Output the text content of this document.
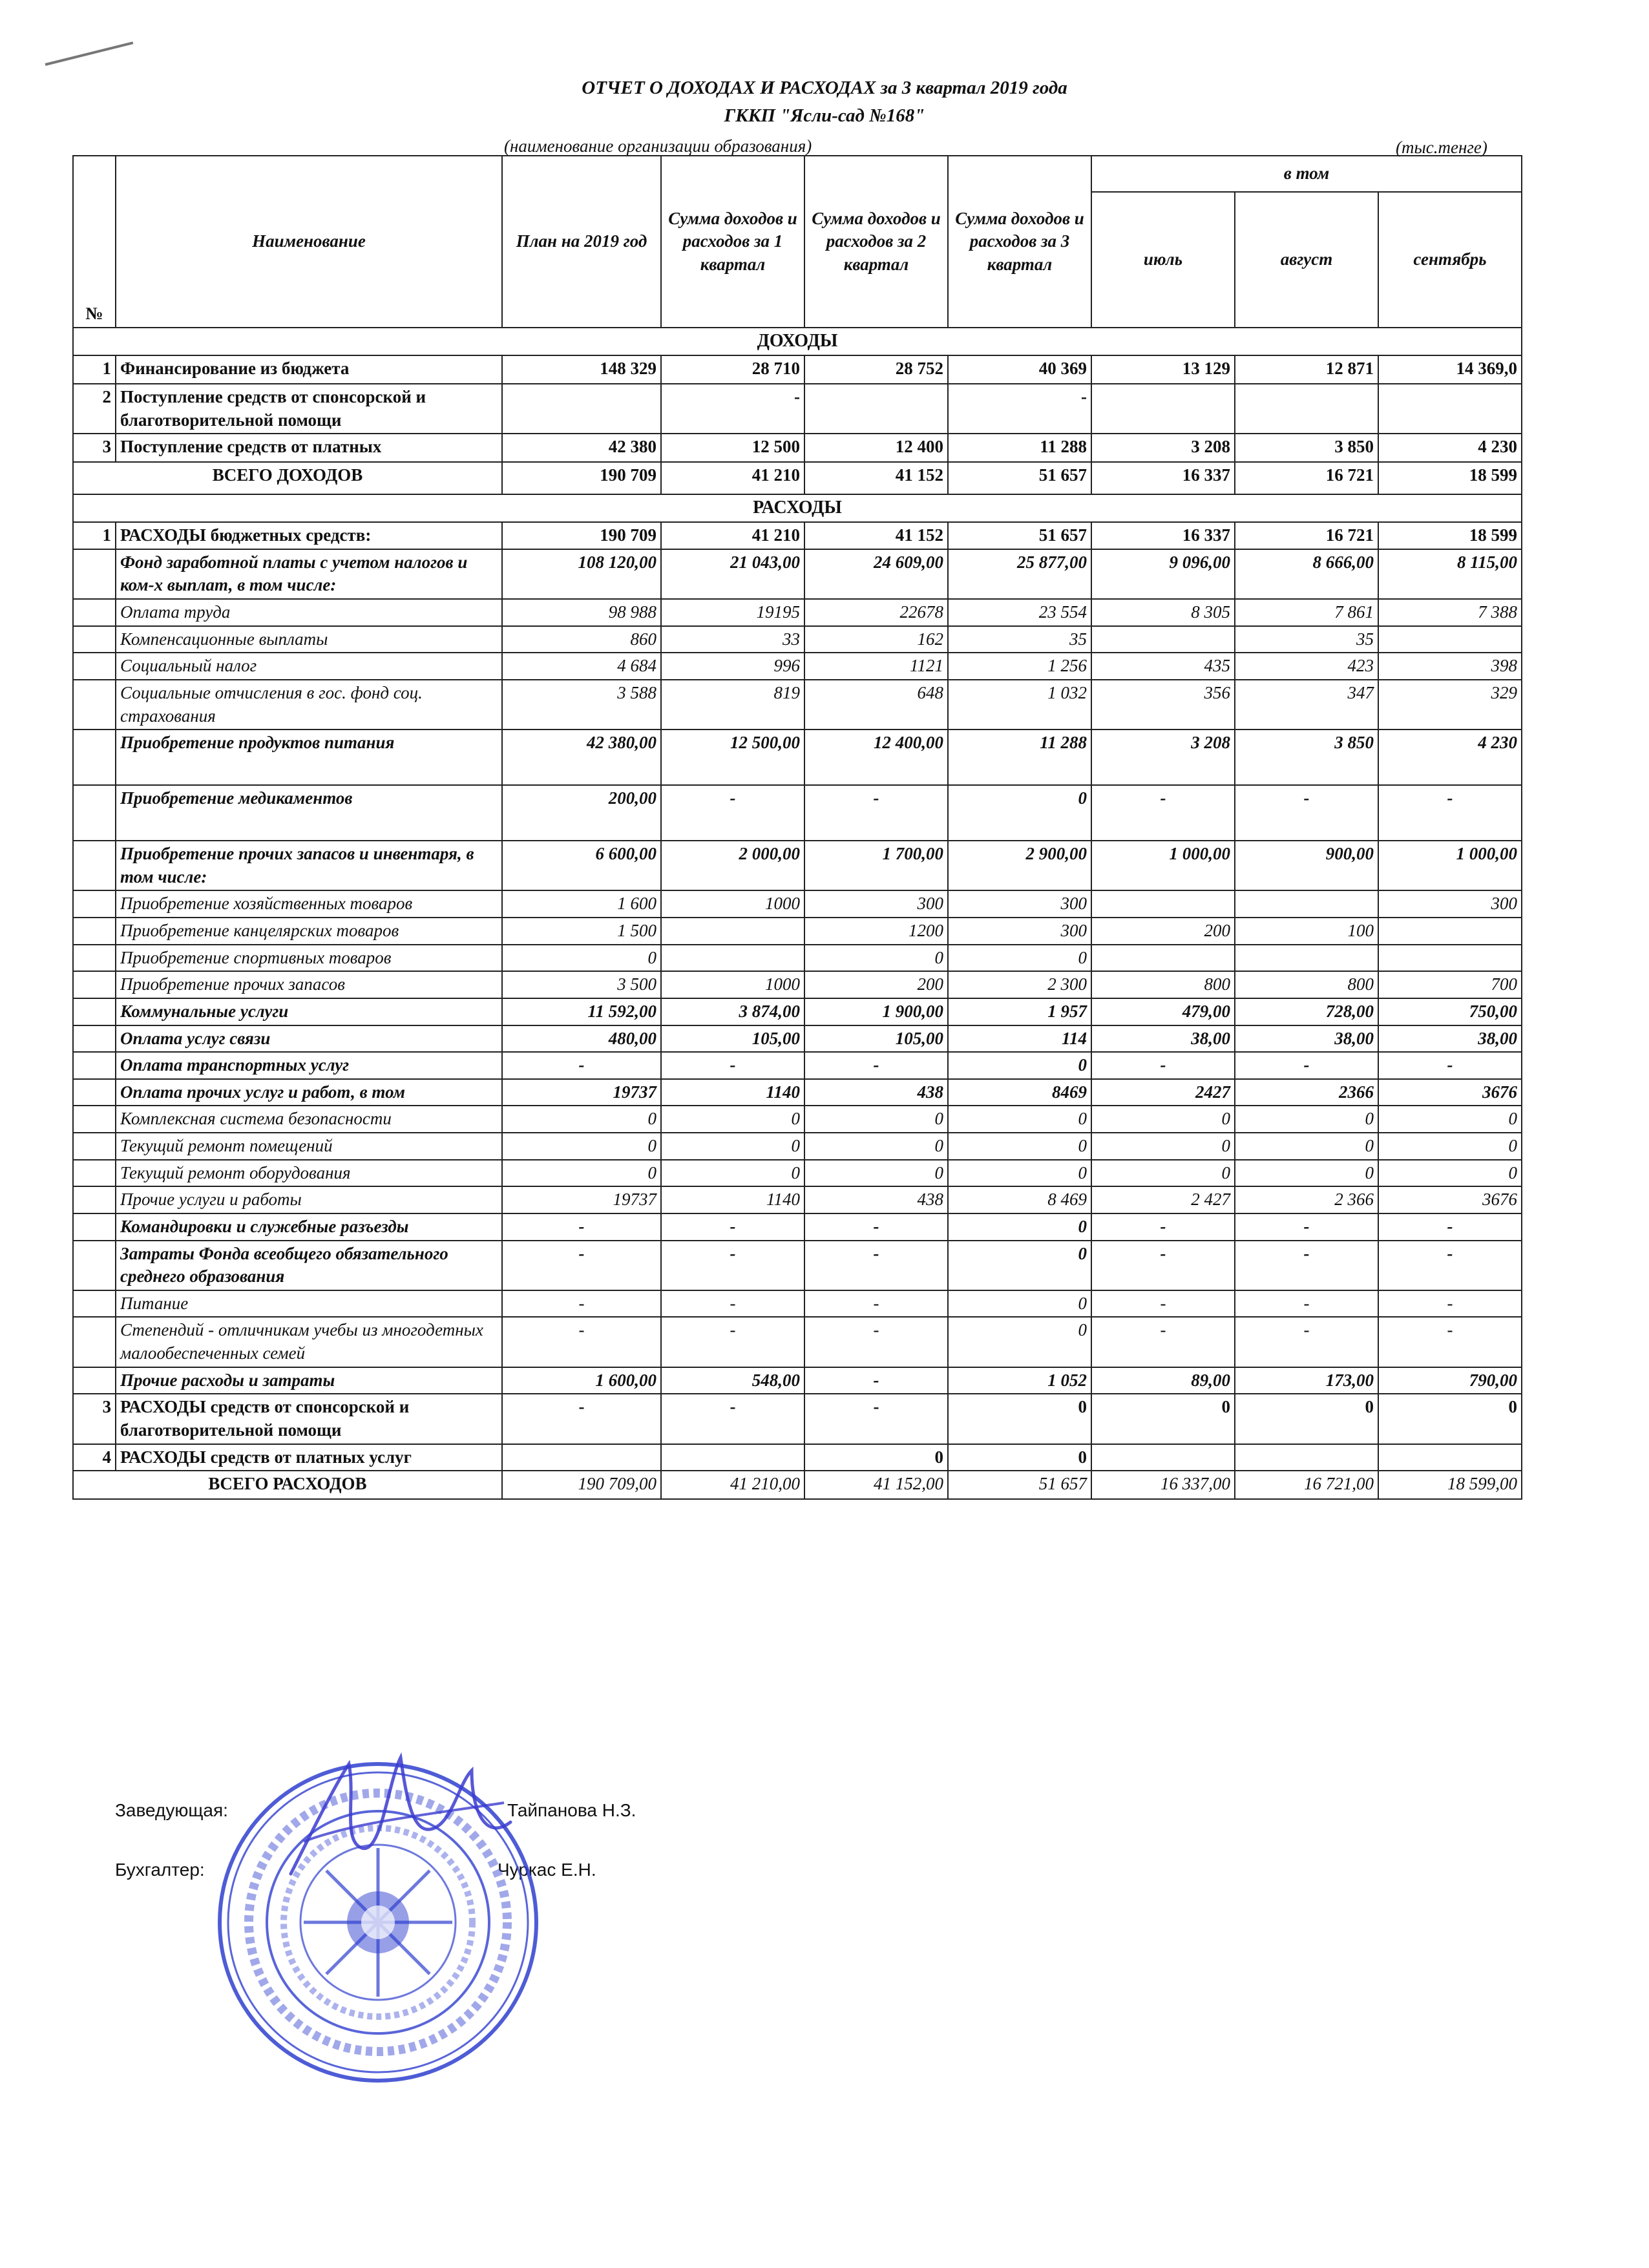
ОТЧЕТ О ДОХОДАХ И РАСХОДАХ за 3 квартал 2019 года
ГККП "Ясли-сад №168"
(наименование организации образования)	(тыс.тенге)
№	Наименование	План на 2019 год	Сумма доходов и расходов за 1 квартал	Сумма доходов и расходов за 2 квартал	Сумма доходов и расходов за 3 квартал	в том		
						июль	август	сентябрь
ДОХОДЫ								
1	Финансирование из бюджета	148 329	28 710	28 752	40 369	13 129	12 871	14 369,0
2	Поступление средств от спонсорской и благотворительной помощи		-		-			
3	Поступление средств от платных	42 380	12 500	12 400	11 288	3 208	3 850	4 230
ВСЕГО ДОХОДОВ		190 709	41 210	41 152	51 657	16 337	16 721	18 599
РАСХОДЫ								
1	РАСХОДЫ бюджетных средств:	190 709	41 210	41 152	51 657	16 337	16 721	18 599
	Фонд заработной платы с учетом налогов и ком-х выплат, в том числе:	108 120,00	21 043,00	24 609,00	25 877,00	9 096,00	8 666,00	8 115,00
	Оплата труда	98 988	19195	22678	23 554	8 305	7 861	7 388
	Компенсационные выплаты	860	33	162	35		35	
	Социальный налог	4 684	996	1121	1 256	435	423	398
	Социальные отчисления в гос. фонд соц. страхования	3 588	819	648	1 032	356	347	329
	Приобретение продуктов питания	42 380,00	12 500,00	12 400,00	11 288	3 208	3 850	4 230
	Приобретение медикаментов	200,00	-	-	0	-	-	-
	Приобретение прочих запасов и инвентаря, в том числе:	6 600,00	2 000,00	1 700,00	2 900,00	1 000,00	900,00	1 000,00
	Приобретение хозяйственных товаров	1 600	1000	300	300			300
	Приобретение канцелярских товаров	1 500		1200	300	200	100	
	Приобретение спортивных товаров	0		0	0			
	Приобретение прочих запасов	3 500	1000	200	2 300	800	800	700
	Коммунальные услуги	11 592,00	3 874,00	1 900,00	1 957	479,00	728,00	750,00
	Оплата услуг связи	480,00	105,00	105,00	114	38,00	38,00	38,00
	Оплата транспортных услуг	-	-	-	0	-	-	-
	Оплата прочих услуг и работ, в том	19737	1140	438	8469	2427	2366	3676
	Комплексная система безопасности	0	0	0	0	0	0	0
	Текущий ремонт помещений	0	0	0	0	0	0	0
	Текущий ремонт оборудования	0	0	0	0	0	0	0
	Прочие услуги и работы	19737	1140	438	8 469	2 427	2 366	3676
	Командировки и служебные разъезды	-	-	-	0	-	-	-
	Затраты Фонда всеобщего обязательного среднего образования	-	-	-	0	-	-	-
	Питание	-	-	-	0	-	-	-
	Степендий - отличникам учебы из многодетных малообеспеченных семей	-	-	-	0	-	-	-
	Прочие расходы и затраты	1 600,00	548,00	-	1 052	89,00	173,00	790,00
3	РАСХОДЫ средств от спонсорской и благотворительной помощи	-	-	-	0	0	0	0
4	РАСХОДЫ средств от платных услуг			0	0			
ВСЕГО РАСХОДОВ		190 709,00	41 210,00	41 152,00	51 657	16 337,00	16 721,00	18 599,00
Заведующая:	Тайпанова Н.З.
Бухгалтер:	Чуркас Е.Н.
